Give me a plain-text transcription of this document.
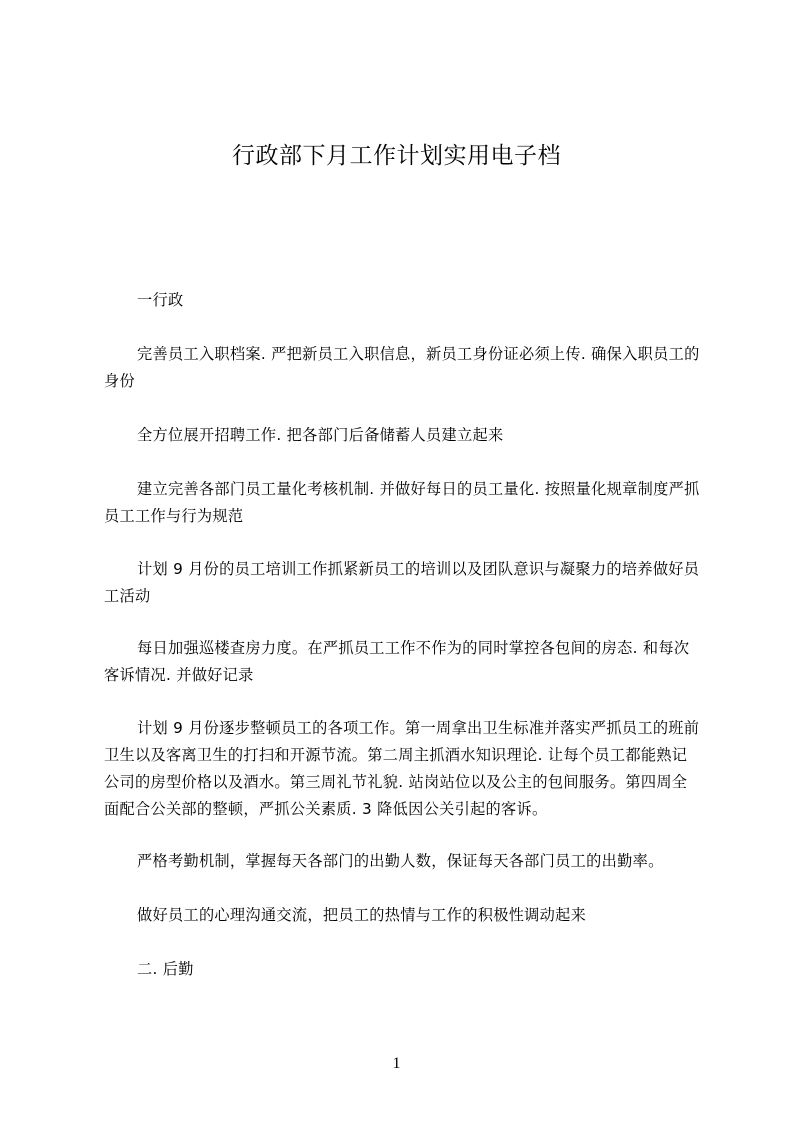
行政部下月工作计划实用电子档
一行政
完善员工入职档案. 严把新员工入职信息，新员工身份证必须上传. 确保入职员工的身份
全方位展开招聘工作. 把各部门后备储蓄人员建立起来
建立完善各部门员工量化考核机制. 并做好每日的员工量化. 按照量化规章制度严抓员工工作与行为规范
计划 9 月份的员工培训工作抓紧新员工的培训以及团队意识与凝聚力的培养做好员工活动
每日加强巡楼查房力度。在严抓员工工作不作为的同时掌控各包间的房态. 和每次客诉情况. 并做好记录
计划 9 月份逐步整顿员工的各项工作。第一周拿出卫生标准并落实严抓员工的班前卫生以及客离卫生的打扫和开源节流。第二周主抓酒水知识理论. 让每个员工都能熟记公司的房型价格以及酒水。第三周礼节礼貌. 站岗站位以及公主的包间服务。第四周全面配合公关部的整顿，严抓公关素质. 3 降低因公关引起的客诉。
严格考勤机制，掌握每天各部门的出勤人数，保证每天各部门员工的出勤率。
做好员工的心理沟通交流，把员工的热情与工作的积极性调动起来
二. 后勤
1
